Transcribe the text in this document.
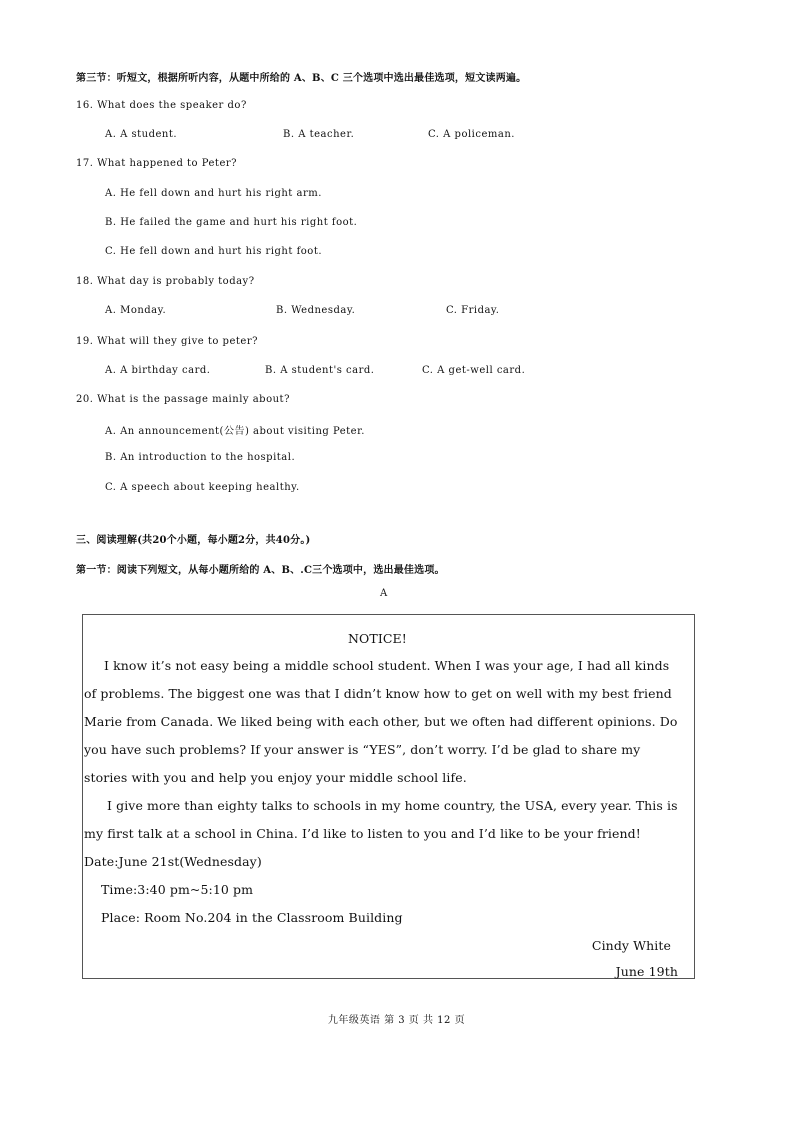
第三节：听短文，根据所听内容，从题中所给的 A、B、C 三个选项中选出最佳选项，短文读两遍。
16. What does the speaker do?
A. A student.	B. A teacher.	C. A policeman.
17. What happened to Peter?
A. He fell down and hurt his right arm.
B. He failed the game and hurt his right foot.
C. He fell down and hurt his right foot.
18. What day is probably today?
A. Monday.	B. Wednesday.	C. Friday.
19. What will they give to peter?
A. A birthday card.	B. A student's card.	C. A get-well card.
20. What is the passage mainly about?
A. An announcement(公告) about visiting Peter.
B. An introduction to the hospital.
C. A speech about keeping healthy.
三、阅读理解(共20个小题，每小题2分，共40分。)
第一节：阅读下列短文，从每小题所给的 A、B、.C三个选项中，选出最佳选项。
A
NOTICE!
I know it’s not easy being a middle school student. When I was your age, I had all kinds
of problems. The biggest one was that I didn’t know how to get on well with my best friend
Marie from Canada. We liked being with each other, but we often had different opinions. Do
you have such problems? If your answer is “YES”, don’t worry. I’d be glad to share my
stories with you and help you enjoy your middle school life.
I give more than eighty talks to schools in my home country, the USA, every year. This is
my first talk at a school in China. I’d like to listen to you and I’d like to be your friend!
Date:June 21st(Wednesday)
Time:3:40 pm~5:10 pm
Place: Room No.204 in the Classroom Building
Cindy White
June 19th
九年级英语 第 3 页 共 12 页
